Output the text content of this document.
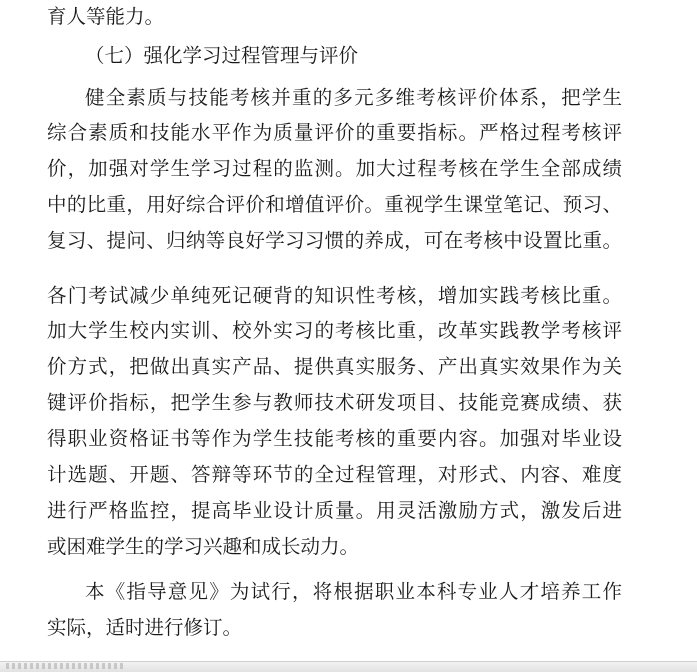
育人等能力。
（七）强化学习过程管理与评价
健全素质与技能考核并重的多元多维考核评价体系，把学生
综合素质和技能水平作为质量评价的重要指标。严格过程考核评
价，加强对学生学习过程的监测。加大过程考核在学生全部成绩
中的比重，用好综合评价和增值评价。重视学生课堂笔记、预习、
复习、提问、归纳等良好学习习惯的养成，可在考核中设置比重。
各门考试减少单纯死记硬背的知识性考核，增加实践考核比重。
加大学生校内实训、校外实习的考核比重，改革实践教学考核评
价方式，把做出真实产品、提供真实服务、产出真实效果作为关
键评价指标，把学生参与教师技术研发项目、技能竞赛成绩、获
得职业资格证书等作为学生技能考核的重要内容。加强对毕业设
计选题、开题、答辩等环节的全过程管理，对形式、内容、难度
进行严格监控，提高毕业设计质量。用灵活激励方式，激发后进
或困难学生的学习兴趣和成长动力。
本《指导意见》为试行，将根据职业本科专业人才培养工作
实际，适时进行修订。
